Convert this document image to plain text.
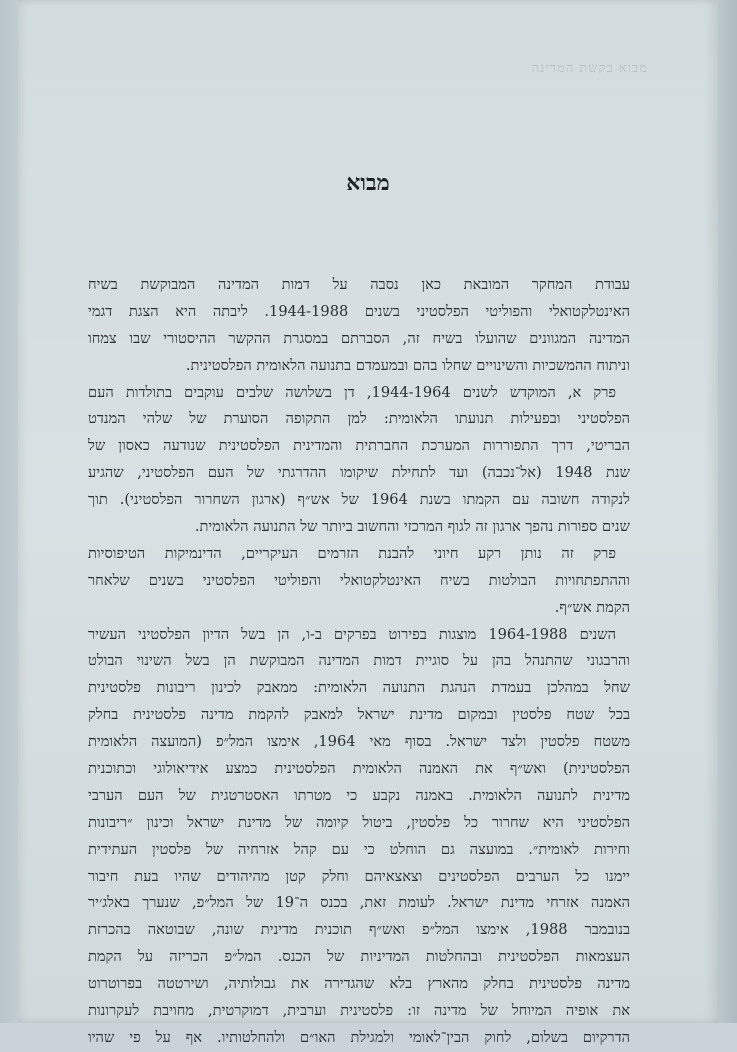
מבוא בקשת המדינה
מבוא
עבודת המחקר המובאת כאן נסבה על דמות המדינה המבוקשת בשיח
האינטלקטואלי והפוליטי הפלסטיני בשנים 1944-1988. ליבתה היא הצגת דגמי
המדינה המגוונים שהועלו בשיח זה, הסברתם במסגרת ההקשר ההיסטורי שבו צמחו
וניתוח ההמשכיות והשינויים שחלו בהם ובמעמדם בתנועה הלאומית הפלסטינית.
פרק א, המוקדש לשנים 1944-1964, דן בשלושה שלבים עוקבים בתולדות העם
הפלסטיני ובפעילות תנועתו הלאומית: למן התקופה הסוערת של שלהי המנדט
הבריטי, דרך התפוררות המערכת החברתית והמדינית הפלסטינית שנודעה כאסון של
שנת 1948 (אל־נכבה) ועד לתחילת שיקומו ההדרגתי של העם הפלסטיני, שהגיע
לנקודה חשובה עם הקמתו בשנת 1964 של אש״ף (ארגון השחרור הפלסטיני). תוך
שנים ספורות נהפך ארגון זה לגוף המרכזי והחשוב ביותר של התנועה הלאומית.
פרק זה נותן רקע חיוני להבנת הזרמים העיקריים, הדינמיקות הטיפוסיות
וההתפתחויות הבולטות בשיח האינטלקטואלי והפוליטי הפלסטיני בשנים שלאחר
הקמת אש״ף.
השנים 1964-1988 מוצגות בפירוט בפרקים ב-ו, הן בשל הדיון הפלסטיני העשיר
והרבגוני שהתנהל בהן על סוגיית דמות המדינה המבוקשת הן בשל השינוי הבולט
שחל במהלכן בעמדת הנהגת התנועה הלאומית: ממאבק לכינון ריבונות פלסטינית
בכל שטח פלסטין ובמקום מדינת ישראל למאבק להקמת מדינה פלסטינית בחלק
משטח פלסטין ולצד ישראל. בסוף מאי 1964, אימצו המל״פ (המועצה הלאומית
הפלסטינית) ואש״ף את האמנה הלאומית הפלסטינית כמצע אידיאולוגי וכתוכנית
מדינית לתנועה הלאומית. באמנה נקבע כי מטרתו האסטרטגית של העם הערבי
הפלסטיני היא שחרור כל פלסטין, ביטול קיומה של מדינת ישראל וכינון ״ריבונות
וחירות לאומית״. במועצה גם הוחלט כי עם קהל אזרחיה של פלסטין העתידית
יימנו כל הערבים הפלסטינים וצאצאיהם וחלק קטן מהיהודים שהיו בעת חיבור
האמנה אזרחי מדינת ישראל. לעומת זאת, בכנס ה־19 של המל״פ, שנערך באלג׳יר
בנובמבר 1988, אימצו המל״פ ואש״ף תוכנית מדינית שונה, שבוטאה בהכרזת
העצמאות הפלסטינית ובהחלטות המדיניות של הכנס. המל״פ הכריזה על הקמת
מדינה פלסטינית בחלק מהארץ בלא שהגדירה את גבולותיה, ושירטטה בפרוטרוט
את אופיה המיוחל של מדינה זו: פלסטינית וערבית, דמוקרטית, מחויבת לעקרונות
הדרקיום בשלום, לחוק הבין־לאומי ולמגילת האו״ם ולהחלטותיו. אף על פי שהיו
